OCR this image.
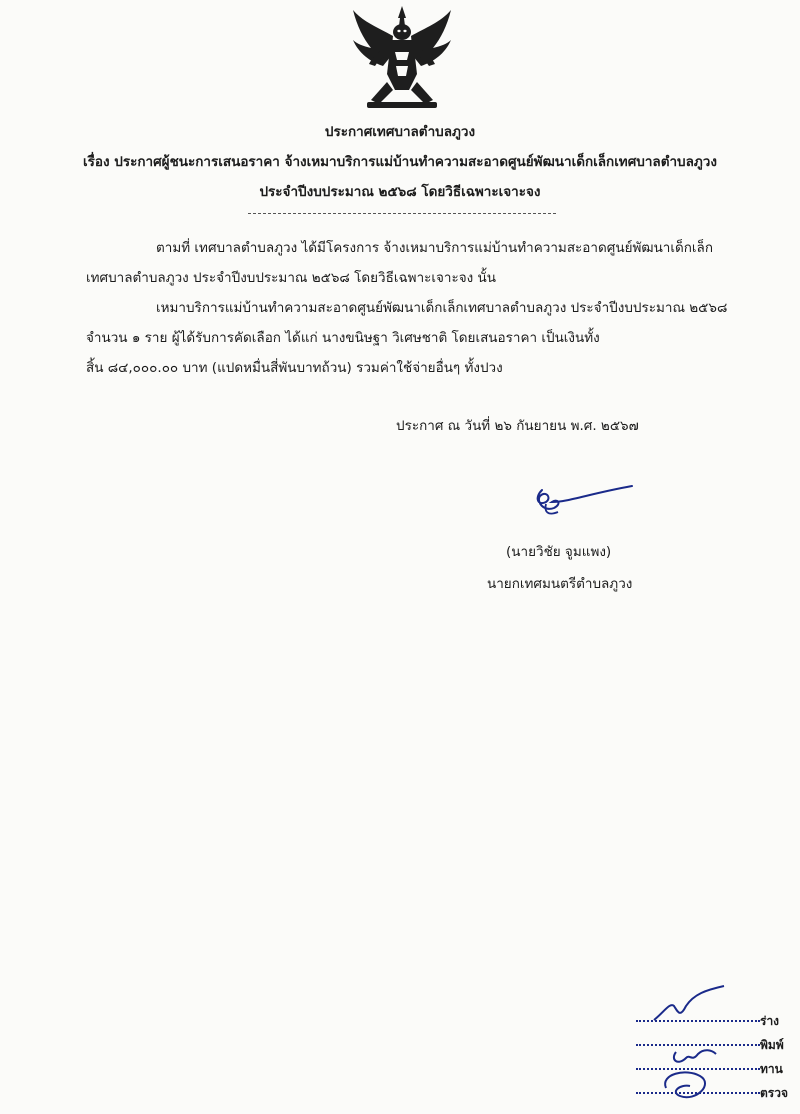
ประกาศเทศบาลตำบลภูวง
เรื่อง ประกาศผู้ชนะการเสนอราคา จ้างเหมาบริการแม่บ้านทำความสะอาดศูนย์พัฒนาเด็กเล็กเทศบาลตำบลภูวง
ประจำปีงบประมาณ ๒๕๖๘ โดยวิธีเฉพาะเจาะจง
ตามที่ เทศบาลตำบลภูวง ได้มีโครงการ จ้างเหมาบริการแม่บ้านทำความสะอาดศูนย์พัฒนาเด็กเล็ก
เทศบาลตำบลภูวง ประจำปีงบประมาณ ๒๕๖๘ โดยวิธีเฉพาะเจาะจง นั้น
เหมาบริการแม่บ้านทำความสะอาดศูนย์พัฒนาเด็กเล็กเทศบาลตำบลภูวง ประจำปีงบประมาณ ๒๕๖๘
จำนวน ๑ ราย ผู้ได้รับการคัดเลือก ได้แก่ นางขนิษฐา วิเศษชาติ โดยเสนอราคา เป็นเงินทั้ง
สิ้น ๘๔,๐๐๐.๐๐ บาท (แปดหมื่นสี่พันบาทถ้วน) รวมค่าใช้จ่ายอื่นๆ ทั้งปวง
ประกาศ ณ วันที่ ๒๖ กันยายน พ.ศ. ๒๕๖๗
(นายวิชัย จูมแพง)
นายกเทศมนตรีตำบลภูวง
ร่าง
พิมพ์
ทาน
ตรวจ
